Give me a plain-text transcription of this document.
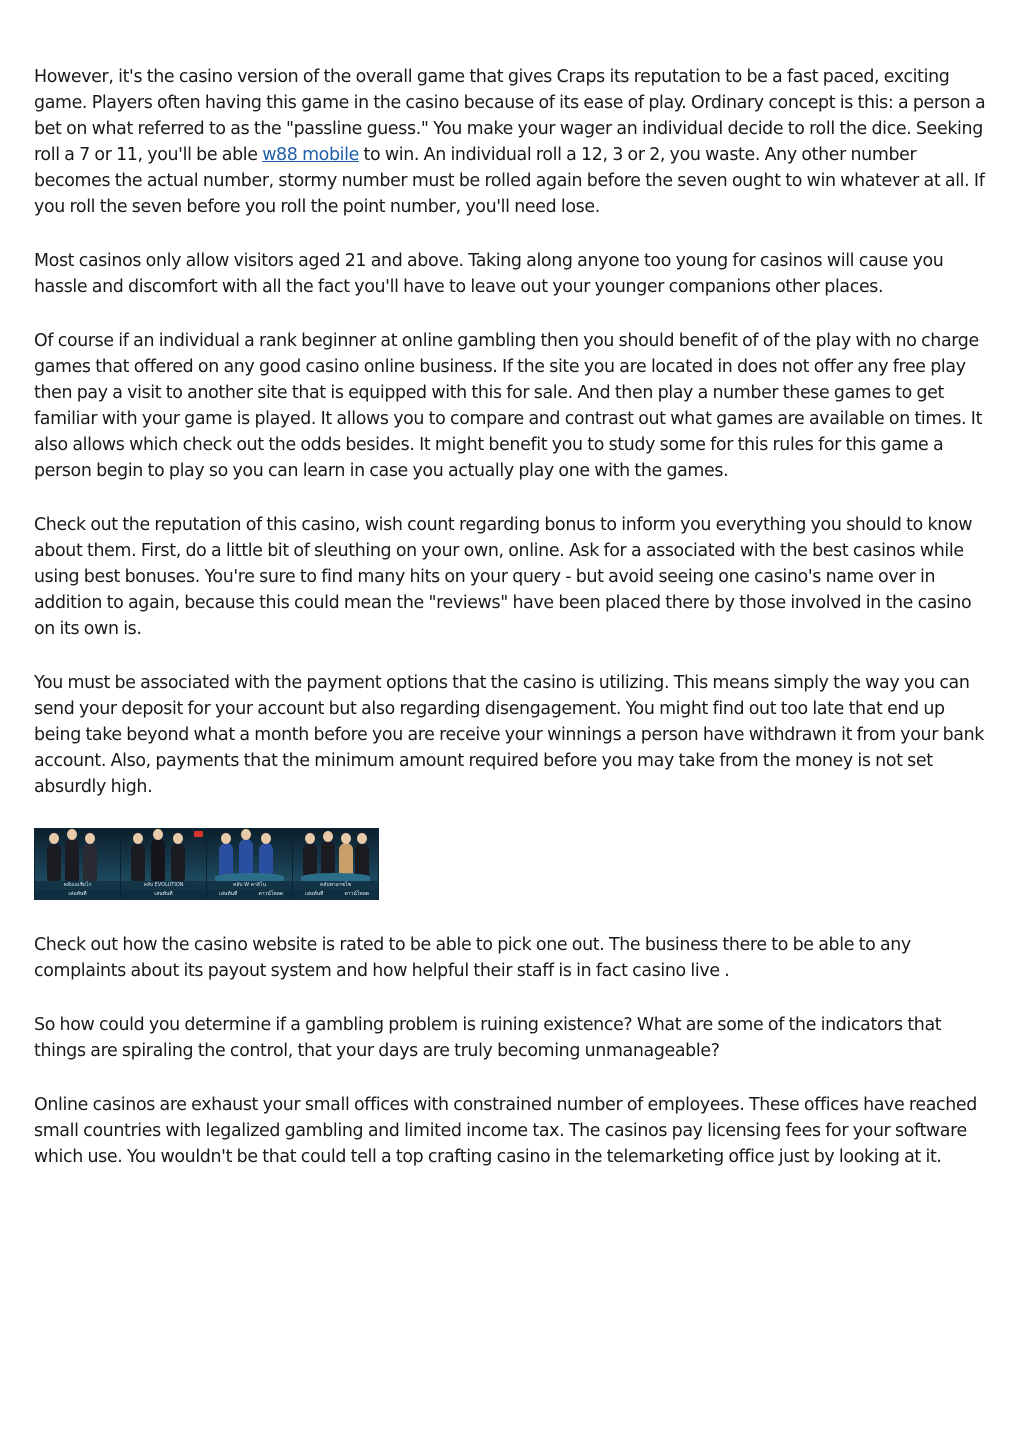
However, it's the casino version of the overall game that gives Craps its reputation to be a fast paced, exciting game. Players often having this game in the casino because of its ease of play. Ordinary concept is this: a person a bet on what referred to as the "passline guess." You make your wager an individual decide to roll the dice. Seeking roll a 7 or 11, you'll be able w88 mobile to win. An individual roll a 12, 3 or 2, you waste. Any other number becomes the actual number, stormy number must be rolled again before the seven ought to win whatever at all. If you roll the seven before you roll the point number, you'll need lose.

Most casinos only allow visitors aged 21 and above. Taking along anyone too young for casinos will cause you hassle and discomfort with all the fact you'll have to leave out your younger companions other places.

Of course if an individual a rank beginner at online gambling then you should benefit of of the play with no charge games that offered on any good casino online business. If the site you are located in does not offer any free play then pay a visit to another site that is equipped with this for sale. And then play a number these games to get familiar with your game is played. It allows you to compare and contrast out what games are available on times. It also allows which check out the odds besides. It might benefit you to study some for this rules for this game a person begin to play so you can learn in case you actually play one with the games.

Check out the reputation of this casino, wish count regarding bonus to inform you everything you should to know about them. First, do a little bit of sleuthing on your own, online. Ask for a associated with the best casinos while using best bonuses. You're sure to find many hits on your query - but avoid seeing one casino's name over in addition to again, because this could mean the "reviews" have been placed there by those involved in the casino on its own is.

You must be associated with the payment options that the casino is utilizing. This means simply the way you can send your deposit for your account but also regarding disengagement. You might find out too late that end up being take beyond what a month before you are receive your winnings a person have withdrawn it from your bank account. Also, payments that the minimum amount required before you may take from the money is not set absurdly high.

คลับเอเชียโก
เล่นทันที
คลับ EVOLUTION
เล่นทันที
คลับ W คาสิโน
เล่นทันที	ดาวน์โหลด
คลับพาลาซโซ
เล่นทันที	ดาวน์โหลด

Check out how the casino website is rated to be able to pick one out. The business there to be able to any complaints about its payout system and how helpful their staff is in fact casino live .

So how could you determine if a gambling problem is ruining existence? What are some of the indicators that things are spiraling the control, that your days are truly becoming unmanageable?

Online casinos are exhaust your small offices with constrained number of employees. These offices have reached small countries with legalized gambling and limited income tax. The casinos pay licensing fees for your software which use. You wouldn't be that could tell a top crafting casino in the telemarketing office just by looking at it.
